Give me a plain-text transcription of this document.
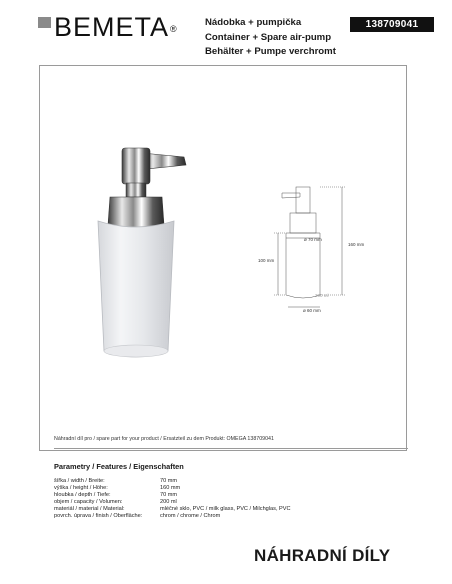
BEMETA®
Nádobka + pumpička
Container + Spare air-pump
Behälter + Pumpe verchromt
138709041
ø 70 mm
160 mm
100 mm
200 ml
ø 60 mm
Náhradní díl pro / spare part for your product / Ersatzteil zu dem Produkt: OMEGA 138709041
Parametry / Features / Eigenschaften
šířka / width / Breite:	70 mm
výška / height / Höhe:	160 mm
hloubka / depth / Tiefe:	70 mm
objem / capacity / Volumen:	200 ml
materiál / material / Material:	mléčné sklo, PVC / milk glass, PVC / Milchglas, PVC
povrch. úprava / finish / Oberfläche:	chrom / chrome / Chrom
NÁHRADNÍ DÍLY
